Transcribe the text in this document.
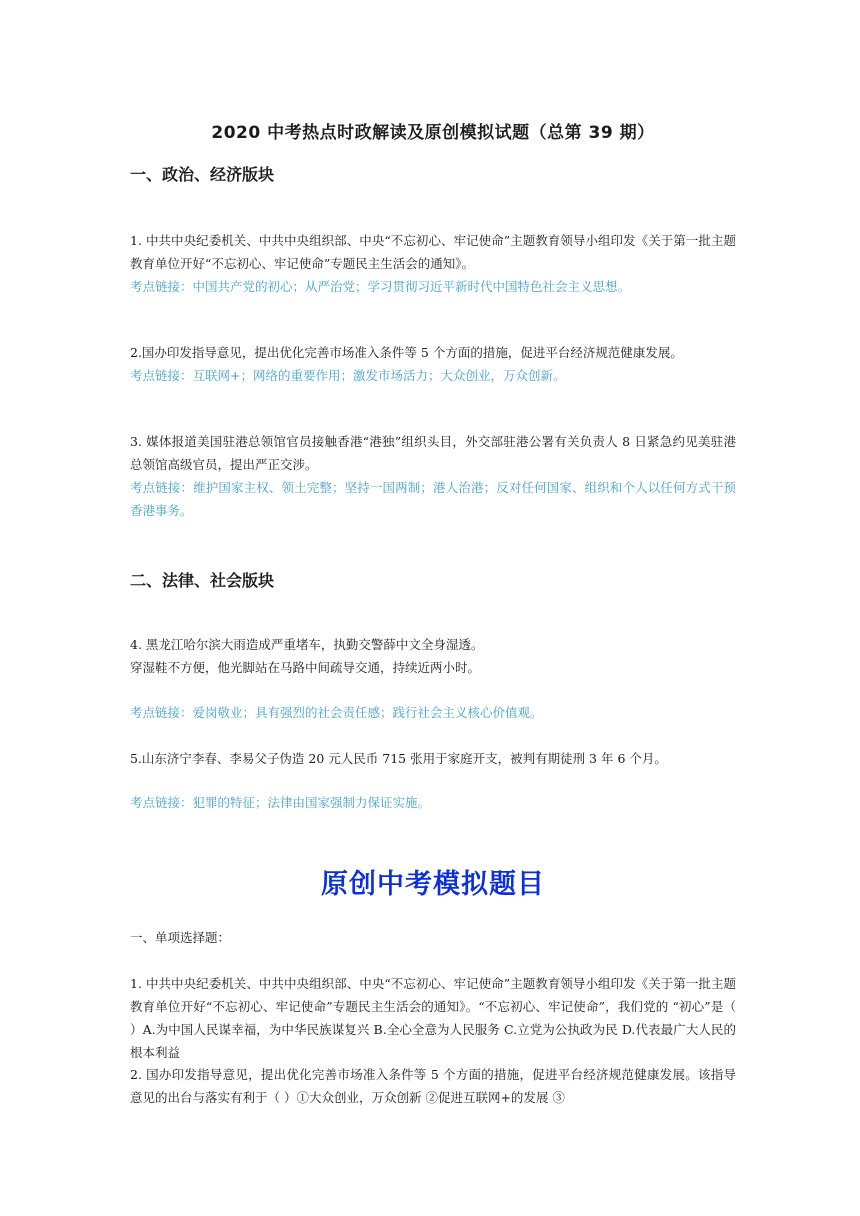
2020 中考热点时政解读及原创模拟试题（总第 39 期）
一、政治、经济版块
1. 中共中央纪委机关、中共中央组织部、中央“不忘初心、牢记使命”主题教育领导小组印发《关于第一批主题教育单位开好“不忘初心、牢记使命”专题民主生活会的通知》。
考点链接：中国共产党的初心；从严治党；学习贯彻习近平新时代中国特色社会主义思想。
2.国办印发指导意见，提出优化完善市场准入条件等 5 个方面的措施，促进平台经济规范健康发展。
考点链接：互联网+；网络的重要作用；激发市场活力；大众创业，万众创新。
3. 媒体报道美国驻港总领馆官员接触香港“港独”组织头目，外交部驻港公署有关负责人 8 日紧急约见美驻港总领馆高级官员，提出严正交涉。
考点链接：维护国家主权、领土完整；坚持一国两制；港人治港；反对任何国家、组织和个人以任何方式干预香港事务。
二、法律、社会版块
4. 黑龙江哈尔滨大雨造成严重堵车，执勤交警薛中文全身湿透。
穿湿鞋不方便，他光脚站在马路中间疏导交通，持续近两小时。
考点链接：爱岗敬业；具有强烈的社会责任感；践行社会主义核心价值观。
5.山东济宁李春、李易父子伪造 20 元人民币 715 张用于家庭开支，被判有期徒刑 3 年 6 个月。
考点链接：犯罪的特征；法律由国家强制力保证实施。
原创中考模拟题目
一、单项选择题：
1. 中共中央纪委机关、中共中央组织部、中央“不忘初心、牢记使命”主题教育领导小组印发《关于第一批主题教育单位开好“不忘初心、牢记使命”专题民主生活会的通知》。“不忘初心、牢记使命”，我们党的 “初心”是（ ）A.为中国人民谋幸福，为中华民族谋复兴 B.全心全意为人民服务 C.立党为公执政为民 D.代表最广大人民的根本利益
2. 国办印发指导意见，提出优化完善市场准入条件等 5 个方面的措施，促进平台经济规范健康发展。该指导意见的出台与落实有利于（ ）①大众创业，万众创新 ②促进互联网+的发展 ③
